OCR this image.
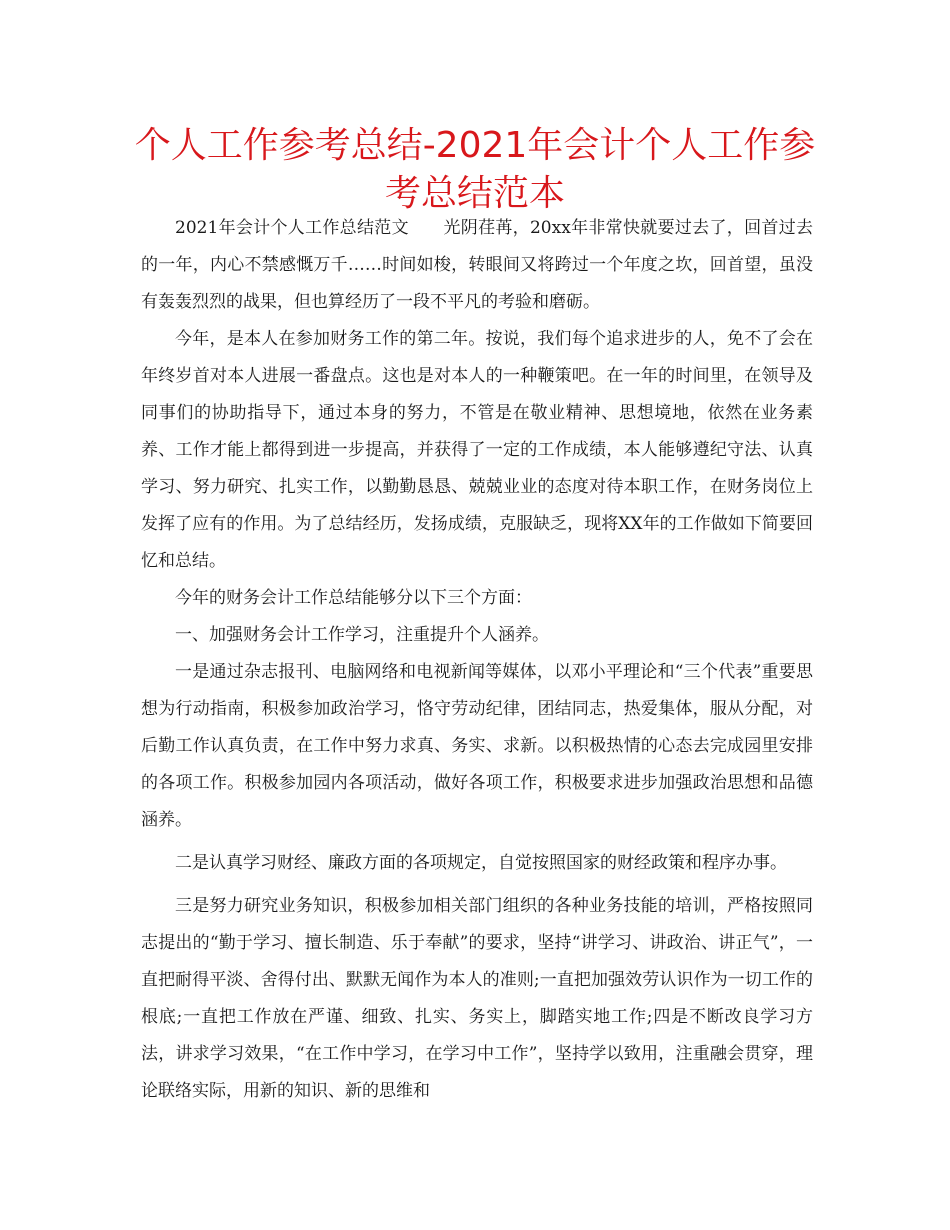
个人工作参考总结-2021年会计个人工作参考总结范本

2021年会计个人工作总结范文　　光阴荏苒，20xx年非常快就要过去了，回首过去的一年，内心不禁感慨万千……时间如梭，转眼间又将跨过一个年度之坎，回首望，虽没有轰轰烈烈的战果，但也算经历了一段不平凡的考验和磨砺。

今年，是本人在参加财务工作的第二年。按说，我们每个追求进步的人，免不了会在年终岁首对本人进展一番盘点。这也是对本人的一种鞭策吧。在一年的时间里，在领导及同事们的协助指导下，通过本身的努力，不管是在敬业精神、思想境地，依然在业务素养、工作才能上都得到进一步提高，并获得了一定的工作成绩，本人能够遵纪守法、认真学习、努力研究、扎实工作，以勤勤恳恳、兢兢业业的态度对待本职工作，在财务岗位上发挥了应有的作用。为了总结经历，发扬成绩，克服缺乏，现将XX年的工作做如下简要回忆和总结。

今年的财务会计工作总结能够分以下三个方面：

一、加强财务会计工作学习，注重提升个人涵养。

一是通过杂志报刊、电脑网络和电视新闻等媒体，以邓小平理论和“三个代表”重要思想为行动指南，积极参加政治学习，恪守劳动纪律，团结同志，热爱集体，服从分配，对后勤工作认真负责，在工作中努力求真、务实、求新。以积极热情的心态去完成园里安排的各项工作。积极参加园内各项活动，做好各项工作，积极要求进步加强政治思想和品德涵养。

二是认真学习财经、廉政方面的各项规定，自觉按照国家的财经政策和程序办事。

三是努力研究业务知识，积极参加相关部门组织的各种业务技能的培训，严格按照同志提出的“勤于学习、擅长制造、乐于奉献”的要求，坚持“讲学习、讲政治、讲正气”，一直把耐得平淡、舍得付出、默默无闻作为本人的准则;一直把加强效劳认识作为一切工作的根底;一直把工作放在严谨、细致、扎实、务实上，脚踏实地工作;四是不断改良学习方法，讲求学习效果，“在工作中学习，在学习中工作”，坚持学以致用，注重融会贯穿，理论联络实际，用新的知识、新的思维和
